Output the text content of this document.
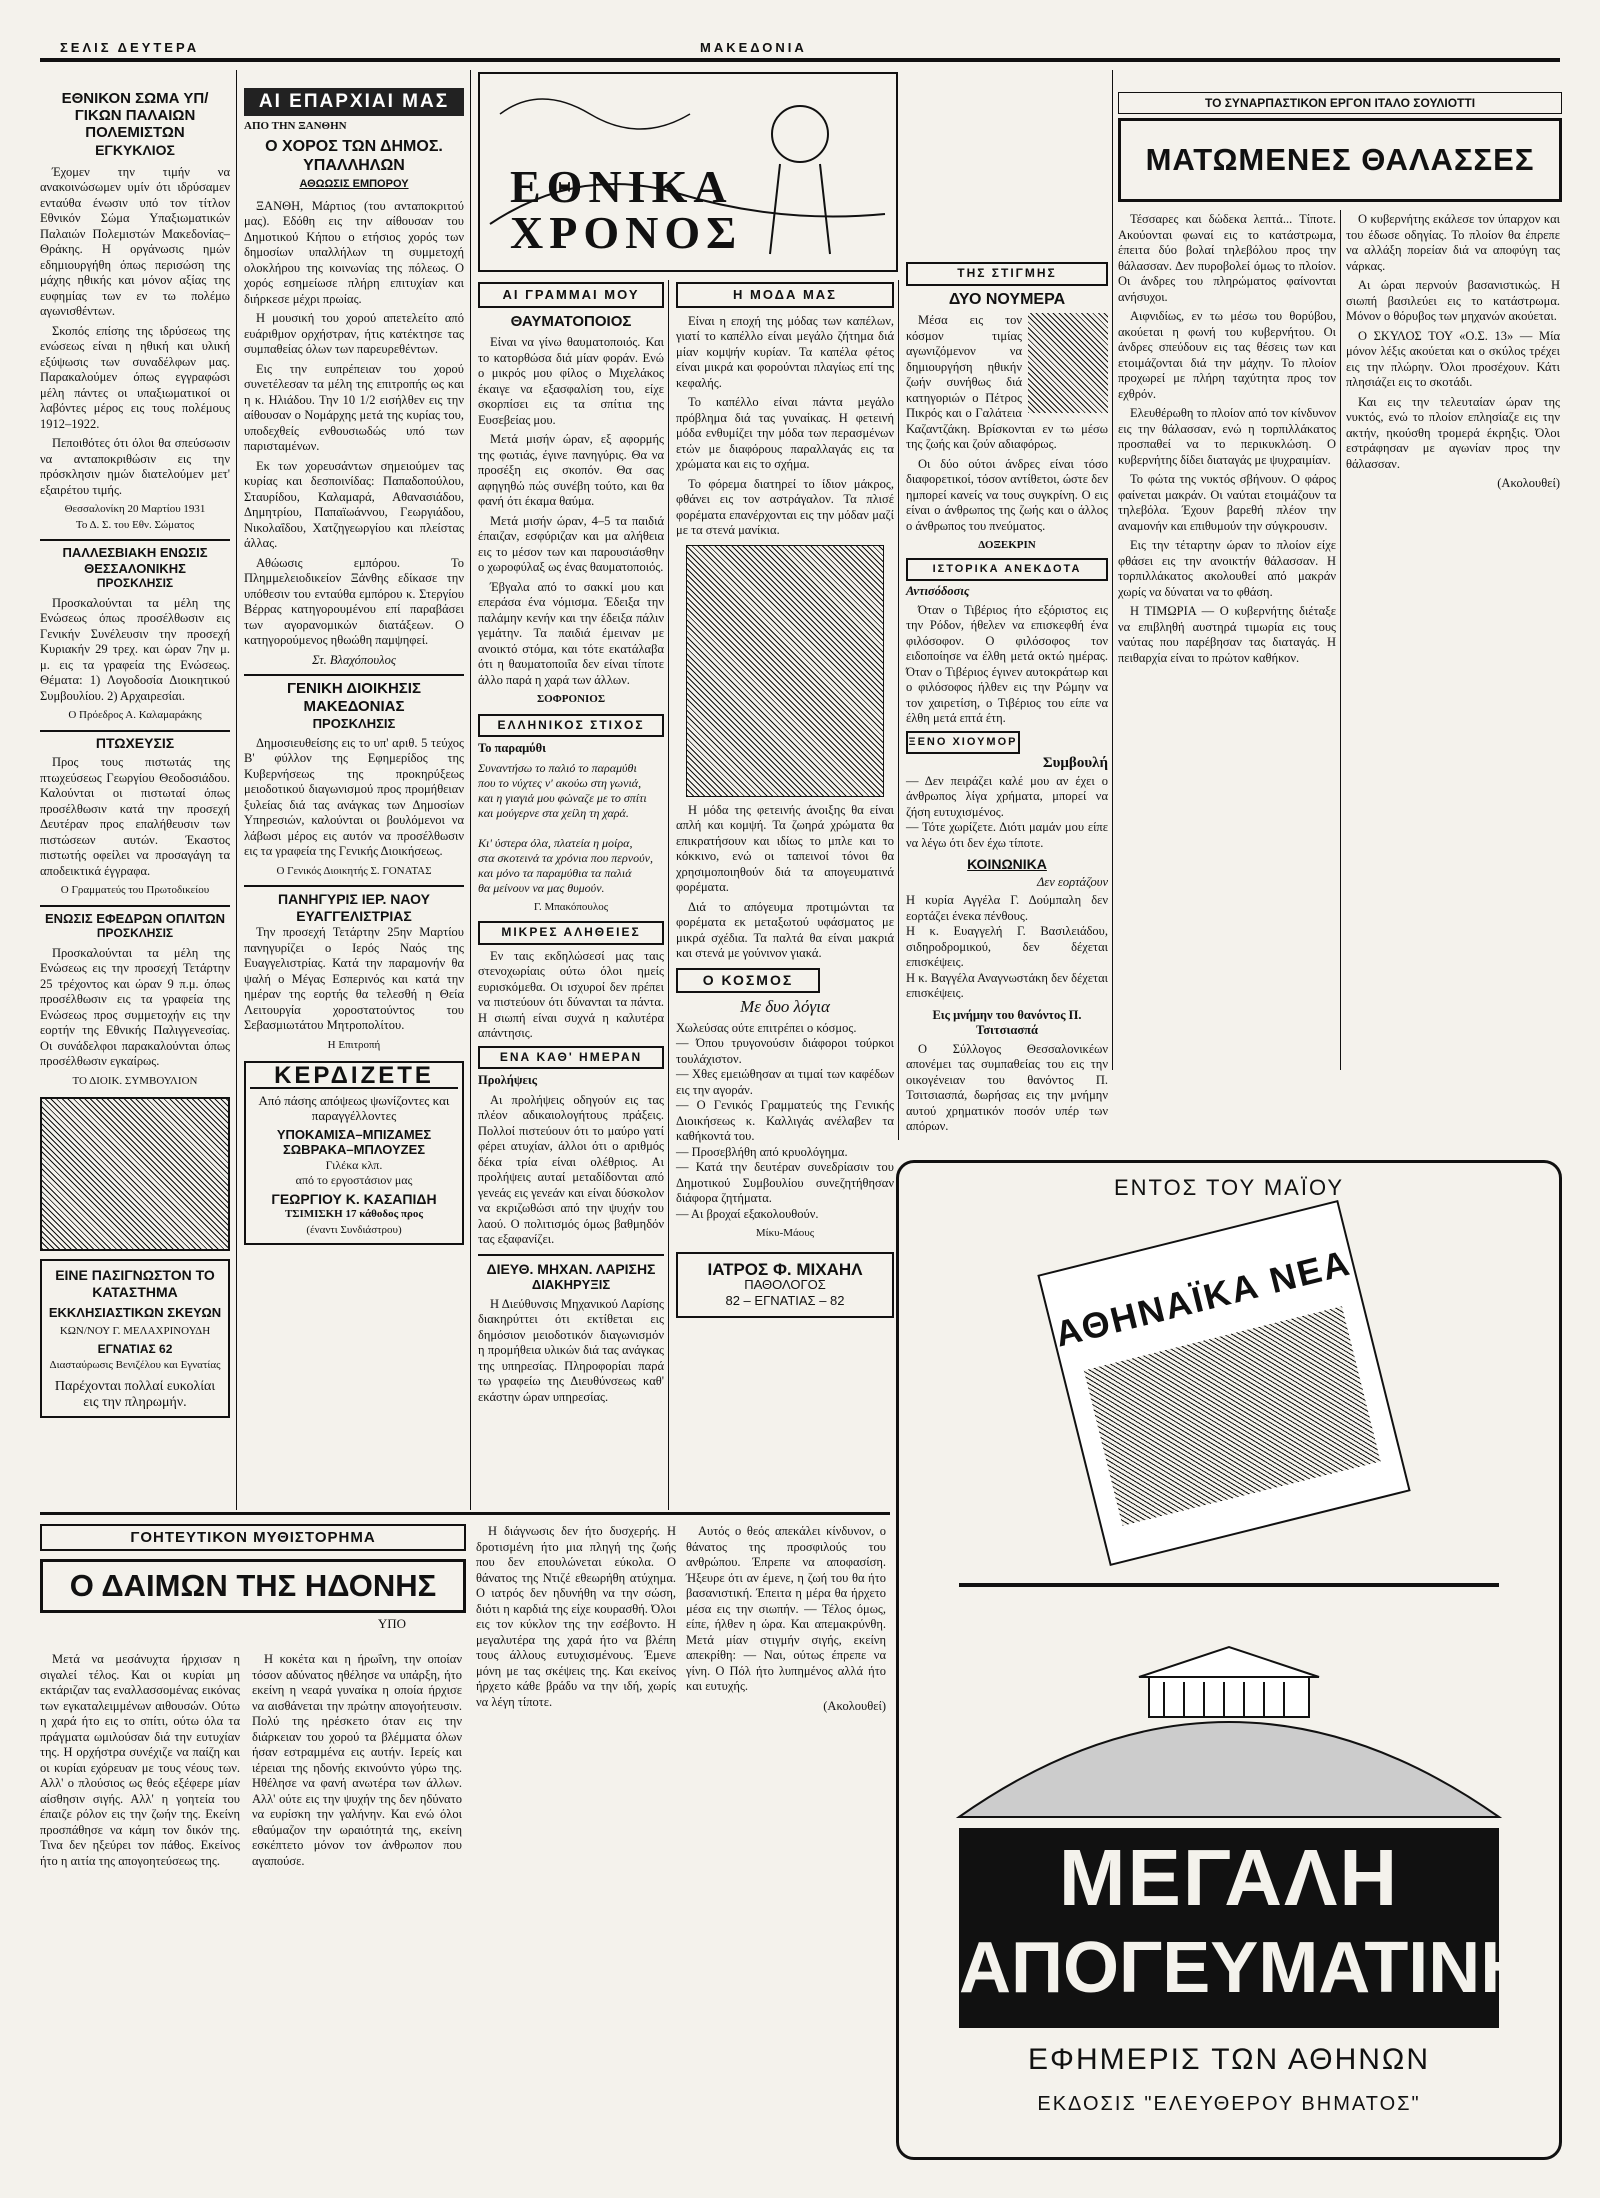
ΣΕΛΙΣ ΔΕΥΤΕΡΑ	ΜΑΚΕΔΟΝΙΑ
ΕΘΝΙΚΟΝ ΣΩΜΑ ΥΠ/ΓΙΚΩΝ ΠΑΛΑΙΩΝ ΠΟΛΕΜΙΣΤΩΝ
ΕΓΚΥΚΛΙΟΣ

Έχομεν την τιμήν να ανακοινώσωμεν υμίν ότι ιδρύσαμεν ενταύθα ένωσιν υπό τον τίτλον Εθνικόν Σώμα Υπαξιωματικών Παλαιών Πολεμιστών Μακεδονίας–Θράκης. Η οργάνωσις ημών εδημιουργήθη όπως περισώση της μάχης ηθικής και μόνον αξίας της ευφημίας των εν τω πολέμω αγωνισθέντων.

Σκοπός επίσης της ιδρύσεως της ενώσεως είναι η ηθική και υλική εξύψωσις των συναδέλφων μας. Παρακαλούμεν όπως εγγραφώσι μέλη πάντες οι υπαξιωματικοί οι λαβόντες μέρος εις τους πολέμους 1912–1922.

Πεποιθότες ότι όλοι θα σπεύσωσιν να ανταποκριθώσιν εις την πρόσκλησιν ημών διατελούμεν μετ' εξαιρέτου τιμής.

Θεσσαλονίκη 20 Μαρτίου 1931
Το Δ. Σ. του Εθν. Σώματος
ΠΑΛΛΕΣΒΙΑΚΗ ΕΝΩΣΙΣ ΘΕΣΣΑΛΟΝΙΚΗΣ
ΠΡΟΣΚΛΗΣΙΣ

Προσκαλούνται τα μέλη της Ενώσεως όπως προσέλθωσιν εις Γενικήν Συνέλευσιν την προσεχή Κυριακήν 29 τρεχ. και ώραν 7ην μ. μ. εις τα γραφεία της Ενώσεως. Θέματα: 1) Λογοδοσία Διοικητικού Συμβουλίου. 2) Αρχαιρεσίαι.

Ο Πρόεδρος Α. Καλαμαράκης
ΠΤΩΧΕΥΣΙΣ

Προς τους πιστωτάς της πτωχεύσεως Γεωργίου Θεοδοσιάδου. Καλούνται οι πιστωταί όπως προσέλθωσιν κατά την προσεχή Δευτέραν προς επαλήθευσιν των πιστώσεων αυτών. Έκαστος πιστωτής οφείλει να προσαγάγη τα αποδεικτικά έγγραφα.

Ο Γραμματεύς του Πρωτοδικείου
ΕΝΩΣΙΣ ΕΦΕΔΡΩΝ ΟΠΛΙΤΩΝ
ΠΡΟΣΚΛΗΣΙΣ

Προσκαλούνται τα μέλη της Ενώσεως εις την προσεχή Τετάρτην 25 τρέχοντος και ώραν 9 π.μ. όπως προσέλθωσιν εις τα γραφεία της Ενώσεως προς συμμετοχήν εις την εορτήν της Εθνικής Παλιγγενεσίας. Οι συνάδελφοι παρακαλούνται όπως προσέλθωσιν εγκαίρως.

ΤΟ ΔΙΟΙΚ. ΣΥΜΒΟΥΛΙΟΝ
ΕΙΝΕ ΠΑΣΙΓΝΩΣΤΟΝ ΤΟ ΚΑΤΑΣΤΗΜΑ
ΕΚΚΛΗΣΙΑΣΤΙΚΩΝ ΣΚΕΥΩΝ
ΚΩΝ/ΝΟΥ Γ. ΜΕΛΑΧΡΙΝΟΥΔΗ
ΕΓΝΑΤΙΑΣ 62
Διασταύρωσις Βενιζέλου και Εγνατίας
Παρέχονται πολλαί ευκολίαι εις την πληρωμήν.
ΑΙ ΕΠΑΡΧΙΑΙ ΜΑΣ
ΑΠΟ ΤΗΝ ΞΑΝΘΗΝ
Ο ΧΟΡΟΣ ΤΩΝ ΔΗΜΟΣ. ΥΠΑΛΛΗΛΩΝ
ΑΘΩΩΣΙΣ ΕΜΠΟΡΟΥ

ΞΑΝΘΗ, Μάρτιος (του ανταποκριτού μας). Εδόθη εις την αίθουσαν του Δημοτικού Κήπου ο ετήσιος χορός των δημοσίων υπαλλήλων τη συμμετοχή ολοκλήρου της κοινωνίας της πόλεως. Ο χορός εσημείωσε πλήρη επιτυχίαν και διήρκεσε μέχρι πρωίας.

Η μουσική του χορού απετελείτο από ευάριθμον ορχήστραν, ήτις κατέκτησε τας συμπαθείας όλων των παρευρεθέντων.

Εις την ευπρέπειαν του χορού συνετέλεσαν τα μέλη της επιτροπής ως και η κ. Ηλιάδου. Την 10 1/2 εισήλθεν εις την αίθουσαν ο Νομάρχης μετά της κυρίας του, υποδεχθείς ενθουσιωδώς υπό των παρισταμένων.

Εκ των χορευσάντων σημειούμεν τας κυρίας και δεσποινίδας: Παπαδοπούλου, Σταυρίδου, Καλαμαρά, Αθανασιάδου, Δημητρίου, Παπαϊωάννου, Γεωργιάδου, Νικολαΐδου, Χατζηγεωργίου και πλείστας άλλας.

Αθώωσις εμπόρου. Το Πλημμελειοδικείον Ξάνθης εδίκασε την υπόθεσιν του ενταύθα εμπόρου κ. Στεργίου Βέρρας κατηγορουμένου επί παραβάσει των αγορανομικών διατάξεων. Ο κατηγορούμενος ηθωώθη παμψηφεί.

Στ. Βλαχόπουλος
ΓΕΝΙΚΗ ΔΙΟΙΚΗΣΙΣ ΜΑΚΕΔΟΝΙΑΣ
ΠΡΟΣΚΛΗΣΙΣ

Δημοσιευθείσης εις το υπ' αριθ. 5 τεύχος Β' φύλλον της Εφημερίδος της Κυβερνήσεως της προκηρύξεως μειοδοτικού διαγωνισμού προς προμήθειαν ξυλείας διά τας ανάγκας των Δημοσίων Υπηρεσιών, καλούνται οι βουλόμενοι να λάβωσι μέρος εις αυτόν να προσέλθωσιν εις τα γραφεία της Γενικής Διοικήσεως.

Ο Γενικός Διοικητής Σ. ΓΟΝΑΤΑΣ
ΠΑΝΗΓΥΡΙΣ ΙΕΡ. ΝΑΟΥ ΕΥΑΓΓΕΛΙΣΤΡΙΑΣ

Την προσεχή Τετάρτην 25ην Μαρτίου πανηγυρίζει ο Ιερός Ναός της Ευαγγελιστρίας. Κατά την παραμονήν θα ψαλή ο Μέγας Εσπερινός και κατά την ημέραν της εορτής θα τελεσθή η Θεία Λειτουργία χοροστατούντος του Σεβασμιωτάτου Μητροπολίτου.

Η Επιτροπή
ΚΕΡΔΙΖΕΤΕ
Από πάσης απόψεως ψωνίζοντες και παραγγέλλοντες
ΥΠΟΚΑΜΙΣΑ–ΜΠΙΖΑΜΕΣ ΣΩΒΡΑΚΑ–ΜΠΛΟΥΖΕΣ
Γιλέκα κλπ.
από το εργοστάσιον μας
ΓΕΩΡΓΙΟΥ Κ. ΚΑΣΑΠΙΔΗ
ΤΣΙΜΙΣΚΗ 17 κάθοδος προς
(έναντι Συνδιάστρου)
ΕΘΝΙΚΑ ΧΡΟΝΟΣ
ΑΙ ΓΡΑΜΜΑΙ ΜΟΥ
ΘΑΥΜΑΤΟΠΟΙΟΣ

Είναι να γίνω θαυματοποιός. Και το κατορθώσα διά μίαν φοράν. Ενώ ο μικρός μου φίλος ο Μιχελάκος έκαιγε να εξασφαλίση του, είχε σκορπίσει εις τα σπίτια της Ευσεβείας μου.

Μετά μισήν ώραν, εξ αφορμής της φωτιάς, έγινε πανηγύρις. Θα να προσέξη εις σκοπόν. Θα σας αφηγηθώ πώς συνέβη τούτο, και θα φανή ότι έκαμα θαύμα.

Μετά μισήν ώραν, 4–5 τα παιδιά έπαιζαν, εσφύριζαν και μα αλήθεια εις το μέσον των και παρουσιάσθην ο χωροφύλαξ ως ένας θαυματοποιός.

Έβγαλα από το σακκί μου και επεράσα ένα νόμισμα. Έδειξα την παλάμην κενήν και την έδειξα πάλιν γεμάτην. Τα παιδιά έμειναν με ανοικτό στόμα, και τότε εκατάλαβα ότι η θαυματοποιΐα δεν είναι τίποτε άλλο παρά η χαρά των άλλων.

ΣΟΦΡΟΝΙΟΣ
ΕΛΛΗΝΙΚΟΣ ΣΤΙΧΟΣ
Το παραμύθι
Συναντήσω το παλιό το παραμύθι
που το νύχτες ν' ακούω στη γωνιά,
και η γιαγιά μου φώναζε με το σπίτι
και μούγερνε στα χείλη τη χαρά.

Κι' ύστερα όλα, πλατεία η μοίρα,
στα σκοτεινά τα χρόνια που περνούν,
και μόνο τα παραμύθια τα παλιά
θα μείνουν να μας θυμούν.
Γ. Μπακόπουλος
ΜΙΚΡΕΣ ΑΛΗΘΕΙΕΣ

Εν ταις εκδηλώσεσί μας ταις στενοχωρίαις ούτω όλοι ημείς ευρισκόμεθα. Οι ισχυροί δεν πρέπει να πιστεύουν ότι δύνανται τα πάντα. Η σιωπή είναι συχνά η καλυτέρα απάντησις.

ΕΝΑ ΚΑΘ' ΗΜΕΡΑΝ
Προλήψεις

Αι προλήψεις οδηγούν εις τας πλέον αδικαιολογήτους πράξεις. Πολλοί πιστεύουν ότι το μαύρο γατί φέρει ατυχίαν, άλλοι ότι ο αριθμός δέκα τρία είναι ολέθριος. Αι προλήψεις αυταί μεταδίδονται από γενεάς εις γενεάν και είναι δύσκολον να εκριζωθώσι από την ψυχήν του λαού. Ο πολιτισμός όμως βαθμηδόν τας εξαφανίζει.

ΔΙΕΥΘ. ΜΗΧΑΝ. ΛΑΡΙΣΗΣ
ΔΙΑΚΗΡΥΞΙΣ

Η Διεύθυνσις Μηχανικού Λαρίσης διακηρύττει ότι εκτίθεται εις δημόσιον μειοδοτικόν διαγωνισμόν η προμήθεια υλικών διά τας ανάγκας της υπηρεσίας. Πληροφορίαι παρά τω γραφείω της Διευθύνσεως καθ' εκάστην ώραν υπηρεσίας.

Η ΜΟΔΑ ΜΑΣ

Είναι η εποχή της μόδας των καπέλων, γιατί το καπέλλο είναι μεγάλο ζήτημα διά μίαν κομψήν κυρίαν. Τα καπέλα φέτος είναι μικρά και φορούνται πλαγίως επί της κεφαλής.

Το καπέλλο είναι πάντα μεγάλο πρόβλημα διά τας γυναίκας. Η φετεινή μόδα ενθυμίζει την μόδα των περασμένων ετών με διαφόρους παραλλαγάς εις τα χρώματα και εις το σχήμα.

Το φόρεμα διατηρεί το ίδιον μάκρος, φθάνει εις τον αστράγαλον. Τα πλισέ φορέματα επανέρχονται εις την μόδαν μαζί με τα στενά μανίκια.

Η μόδα της φετεινής άνοιξης θα είναι απλή και κομψή. Τα ζωηρά χρώματα θα επικρατήσουν και ιδίως το μπλε και το κόκκινο, ενώ οι ταπεινοί τόνοι θα χρησιμοποιηθούν διά τα απογευματινά φορέματα.

Διά το απόγευμα προτιμώνται τα φορέματα εκ μεταξωτού υφάσματος με μικρά σχέδια. Τα παλτά θα είναι μακριά και στενά με γούνινον γιακά.

Ο ΚΟΣΜΟΣ
Με δυο λόγια
Χωλεύσας ούτε επιτρέπει ο κόσμος.
— Όπου τρυγονούσιν διάφοροι τούρκοι τουλάχιστον.
— Χθες εμειώθησαν αι τιμαί των καφέδων εις την αγοράν.
— Ο Γενικός Γραμματεύς της Γενικής Διοικήσεως κ. Καλλιγάς ανέλαβεν τα καθήκοντά του.
— Προσεβλήθη από κρυολόγημα.
— Κατά την δευτέραν συνεδρίασιν του Δημοτικού Συμβουλίου συνεζητήθησαν διάφορα ζητήματα.
— Αι βροχαί εξακολουθούν.
Μίκυ-Μάους
ΙΑΤΡΟΣ Φ. ΜΙΧΑΗΛ
ΠΑΘΟΛΟΓΟΣ
82 – ΕΓΝΑΤΙΑΣ – 82
ΤΗΣ ΣΤΙΓΜΗΣ
ΔΥΟ ΝΟΥΜΕΡΑ

Μέσα εις τον κόσμον τιμίας αγωνιζόμενον να δημιουργήση ηθικήν ζωήν συνήθως διά κατηγοριών ο Πέτρος Πικρός και ο Γαλάτεια Καζαντζάκη. Βρίσκονται εν τω μέσω της ζωής και ζούν αδιαφόρως.

Οι δύο ούτοι άνδρες είναι τόσο διαφορετικοί, τόσον αντίθετοι, ώστε δεν ημπορεί κανείς να τους συγκρίνη. Ο εις είναι ο άνθρωπος της ζωής και ο άλλος ο άνθρωπος του πνεύματος.

ΔΟΞΕΚΡΙΝ
ΙΣΤΟΡΙΚΑ ΑΝΕΚΔΟΤΑ
Αντισόδοσις

Όταν ο Τιβέριος ήτο εξόριστος εις την Ρόδον, ήθελεν να επισκεφθή ένα φιλόσοφον. Ο φιλόσοφος τον ειδοποίησε να έλθη μετά οκτώ ημέρας. Όταν ο Τιβέριος έγινεν αυτοκράτωρ και ο φιλόσοφος ήλθεν εις την Ρώμην να τον χαιρετίση, ο Τιβέριος του είπε να έλθη μετά επτά έτη.

ΞΕΝΟ ΧΙΟΥΜΟΡ
Συμβουλή
— Δεν πειράζει καλέ μου αν έχει ο άνθρωπος λίγα χρήματα, μπορεί να ζήση ευτυχισμένος.
— Τότε χωρίζετε. Διότι μαμάν μου είπε να λέγω ότι δεν έχω τίποτε.
ΚΟΙΝΩΝΙΚΑ
Δεν εορτάζουν
Η κυρία Αγγέλα Γ. Δούμπαλη δεν εορτάζει ένεκα πένθους.
Η κ. Ευαγγελή Γ. Βασιλειάδου, σιδηροδρομικού, δεν δέχεται επισκέψεις.
Η κ. Βαγγέλα Αναγνωστάκη δεν δέχεται επισκέψεις.
Εις μνήμην του θανόντος Π. Τσιτσιασπά

Ο Σύλλογος Θεσσαλονικέων απονέμει τας συμπαθείας του εις την οικογένειαν του θανόντος Π. Τσιτσιασπά, δωρήσας εις την μνήμην αυτού χρηματικόν ποσόν υπέρ των απόρων.

ΤΟ ΣΥΝΑΡΠΑΣΤΙΚΟΝ ΕΡΓΟΝ ΙΤΑΛΟ ΣΟΥΛΙΟΤΤΙ
ΜΑΤΩΜΕΝΕΣ ΘΑΛΑΣΣΕΣ

Τέσσαρες και δώδεκα λεπτά... Τίποτε. Ακούονται φωναί εις το κατάστρωμα, έπειτα δύο βολαί τηλεβόλου προς την θάλασσαν. Δεν πυροβολεί όμως το πλοίον. Οι άνδρες του πληρώματος φαίνονται ανήσυχοι.

Αιφνιδίως, εν τω μέσω του θορύβου, ακούεται η φωνή του κυβερνήτου. Οι άνδρες σπεύδουν εις τας θέσεις των και ετοιμάζονται διά την μάχην. Το πλοίον προχωρεί με πλήρη ταχύτητα προς τον εχθρόν.

Ελευθέρωθη το πλοίον από τον κίνδυνον εις την θάλασσαν, ενώ η τορπιλλάκατος προσπαθεί να το περικυκλώση. Ο κυβερνήτης δίδει διαταγάς με ψυχραιμίαν.

Το φώτα της νυκτός σβήνουν. Ο φάρος φαίνεται μακράν. Οι ναύται ετοιμάζουν τα τηλεβόλα. Έχουν βαρεθή πλέον την αναμονήν και επιθυμούν την σύγκρουσιν.

Εις την τέταρτην ώραν το πλοίον είχε φθάσει εις την ανοικτήν θάλασσαν. Η τορπιλλάκατος ακολουθεί από μακράν χωρίς να δύναται να το φθάση.

Η ΤΙΜΩΡΙΑ — Ο κυβερνήτης διέταξε να επιβληθή αυστηρά τιμωρία εις τους ναύτας που παρέβησαν τας διαταγάς. Η πειθαρχία είναι το πρώτον καθήκον.

Ο κυβερνήτης εκάλεσε τον ύπαρχον και του έδωσε οδηγίας. Το πλοίον θα έπρεπε να αλλάξη πορείαν διά να αποφύγη τας νάρκας.

Αι ώραι περνούν βασανιστικώς. Η σιωπή βασιλεύει εις το κατάστρωμα. Μόνον ο θόρυβος των μηχανών ακούεται.

Ο ΣΚΥΛΟΣ ΤΟΥ «Ο.Σ. 13» — Μία μόνον λέξις ακούεται και ο σκύλος τρέχει εις την πλώρην. Όλοι προσέχουν. Κάτι πλησιάζει εις το σκοτάδι.

Και εις την τελευταίαν ώραν της νυκτός, ενώ το πλοίον επλησίαζε εις την ακτήν, ηκούσθη τρομερά έκρηξις. Όλοι εστράφησαν με αγωνίαν προς την θάλασσαν.

(Ακολουθεί)
ΕΝΤΟΣ ΤΟΥ ΜΑΪΟΥ
ΑΘΗΝΑΪΚΑ ΝΕΑ
ΜΕΓΑΛΗ
ΑΠΟΓΕΥΜΑΤΙΝΗ
ΕΦΗΜΕΡΙΣ ΤΩΝ ΑΘΗΝΩΝ
ΕΚΔΟΣΙΣ "ΕΛΕΥΘΕΡΟΥ ΒΗΜΑΤΟΣ"
ΓΟΗΤΕΥΤΙΚΟΝ ΜΥΘΙΣΤΟΡΗΜΑ
Ο ΔΑΙΜΩΝ ΤΗΣ ΗΔΟΝΗΣ
ΥΠΟ

Μετά να μεσάνυχτα ήρχισαν η σιγαλεί τέλος. Και οι κυρίαι μη εκτάριζαν τας εναλλασσομένας εικόνας των εγκαταλειμμένων αιθουσών. Ούτω η χαρά ήτο εις το σπίτι, ούτω όλα τα πράγματα ωμιλούσαν διά την ευτυχίαν της. Η ορχήστρα συνέχιζε να παίζη και οι κυρίαι εχόρευαν με τους νέους των. Αλλ' ο πλούσιος ως θεός εξέφερε μίαν αίσθησιν σιγής. Αλλ' η γοητεία του έπαιζε ρόλον εις την ζωήν της. Εκείνη προσπάθησε να κάμη τον δικόν της. Τινα δεν ηξεύρει τον πάθος. Εκείνος ήτο η αιτία της απογοητεύσεως της.

Η κοκέτα και η ήρωΐνη, την οποίαν τόσον αδύνατος ηθέλησε να υπάρξη, ήτο εκείνη η νεαρά γυναίκα η οποία ήρχισε να αισθάνεται την πρώτην απογοήτευσιν. Πολύ της ηρέσκετο όταν εις την διάρκειαν του χορού τα βλέμματα όλων ήσαν εστραμμένα εις αυτήν. Ιερείς και ιέρειαι της ηδονής εκινούντο γύρω της. Ηθέλησε να φανή ανωτέρα των άλλων. Αλλ' ούτε εις την ψυχήν της δεν ηδύνατο να ευρίσκη την γαλήνην. Και ενώ όλοι εθαύμαζον την ωραιότητά της, εκείνη εσκέπτετο μόνον τον άνθρωπον που αγαπούσε.

Η διάγνωσις δεν ήτο δυσχερής. Η δροτισμένη ήτο μια πληγή της ζωής που δεν επουλώνεται εύκολα. Ο θάνατος της Ντιζέ εθεωρήθη ατύχημα. Ο ιατρός δεν ηδυνήθη να την σώση, διότι η καρδιά της είχε κουρασθή. Όλοι εις τον κύκλον της την εσέβοντο. Η μεγαλυτέρα της χαρά ήτο να βλέπη τους άλλους ευτυχισμένους. Έμενε μόνη με τας σκέψεις της. Και εκείνος ήρχετο κάθε βράδυ να την ιδή, χωρίς να λέγη τίποτε.

Αυτός ο θεός απεκάλει κίνδυνον, ο θάνατος της προσφιλούς του ανθρώπου. Έπρεπε να αποφασίση. Ήξευρε ότι αν έμενε, η ζωή του θα ήτο βασανιστική. Έπειτα η μέρα θα ήρχετο μέσα εις την σιωπήν. — Τέλος όμως, είπε, ήλθεν η ώρα. Και απεμακρύνθη. Μετά μίαν στιγμήν σιγής, εκείνη απεκρίθη: — Ναι, ούτως έπρεπε να γίνη. Ο Πόλ ήτο λυπημένος αλλά ήτο και ευτυχής.

(Ακολουθεί)
